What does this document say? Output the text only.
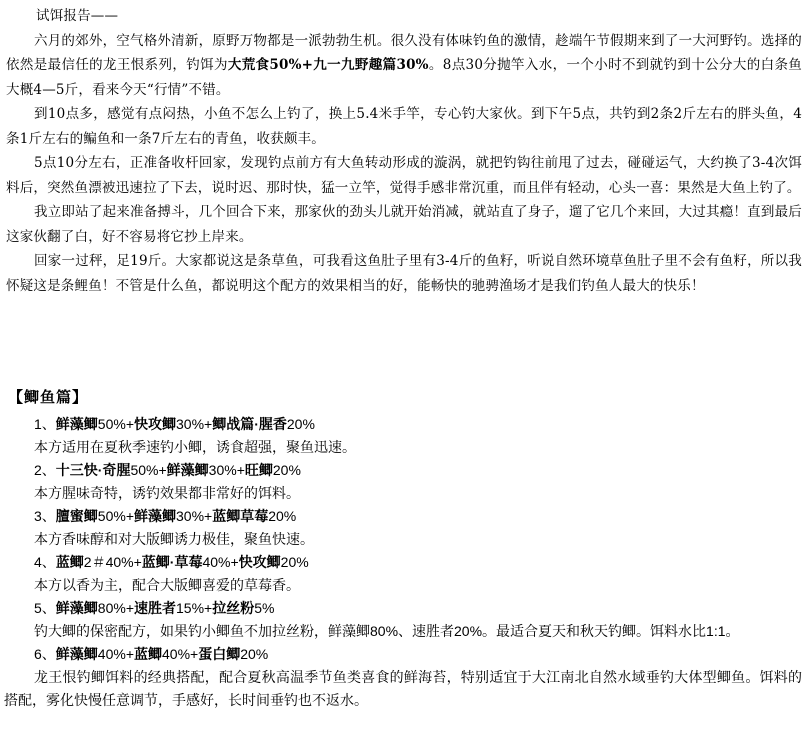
试饵报告——

六月的郊外，空气格外清新，原野万物都是一派勃勃生机。很久没有体味钓鱼的激情，趁端午节假期来到了一大河野钓。选择的依然是最信任的龙王恨系列，钓饵为大荒食50%+九一九野趣篇30%。8点30分抛竿入水，一个小时不到就钓到十公分大的白条鱼大概4—5斤，看来今天“行情”不错。

到10点多，感觉有点闷热，小鱼不怎么上钓了，换上5.4米手竿，专心钓大家伙。到下午5点，共钓到2条2斤左右的胖头鱼，4条1斤左右的鳊鱼和一条7斤左右的青鱼，收获颇丰。

5点10分左右，正准备收杆回家，发现钓点前方有大鱼转动形成的漩涡，就把钓钩往前甩了过去，碰碰运气，大约换了3-4次饵料后，突然鱼漂被迅速拉了下去，说时迟、那时快，猛一立竿，觉得手感非常沉重，而且伴有轻动，心头一喜：果然是大鱼上钓了。

我立即站了起来准备搏斗，几个回合下来，那家伙的劲头儿就开始消减，就站直了身子，遛了它几个来回，大过其瘾！直到最后这家伙翻了白，好不容易将它抄上岸来。

回家一过秤，足19斤。大家都说这是条草鱼，可我看这鱼肚子里有3-4斤的鱼籽，听说自然环境草鱼肚子里不会有鱼籽，所以我怀疑这是条鲤鱼！不管是什么鱼，都说明这个配方的效果相当的好，能畅快的驰骋渔场才是我们钓鱼人最大的快乐！

【鲫鱼篇】
1、鲜藻鲫50%+快攻鲫30%+鲫战篇·腥香20%

本方适用在夏秋季速钓小鲫，诱食超强，聚鱼迅速。

2、十三快·奇腥50%+鲜藻鲫30%+旺鲫20%

本方腥味奇特，诱钓效果都非常好的饵料。

3、膻蜜鲫50%+鲜藻鲫30%+蓝鲫草莓20%

本方香味醇和对大版鲫诱力极佳，聚鱼快速。

4、蓝鲫2＃40%+蓝鲫·草莓40%+快攻鲫20%

本方以香为主，配合大版鲫喜爱的草莓香。

5、鲜藻鲫80%+速胜者15%+拉丝粉5%

钓大鲫的保密配方，如果钓小鲫鱼不加拉丝粉，鲜藻鲫80%、速胜者20%。最适合夏天和秋天钓鲫。饵料水比1:1。

6、鲜藻鲫40%+蓝鲫40%+蛋白鲫20%

龙王恨钓鲫饵料的经典搭配，配合夏秋高温季节鱼类喜食的鲜海苔，特别适宜于大江南北自然水域垂钓大体型鲫鱼。饵料的搭配，雾化快慢任意调节，手感好，长时间垂钓也不返水。
